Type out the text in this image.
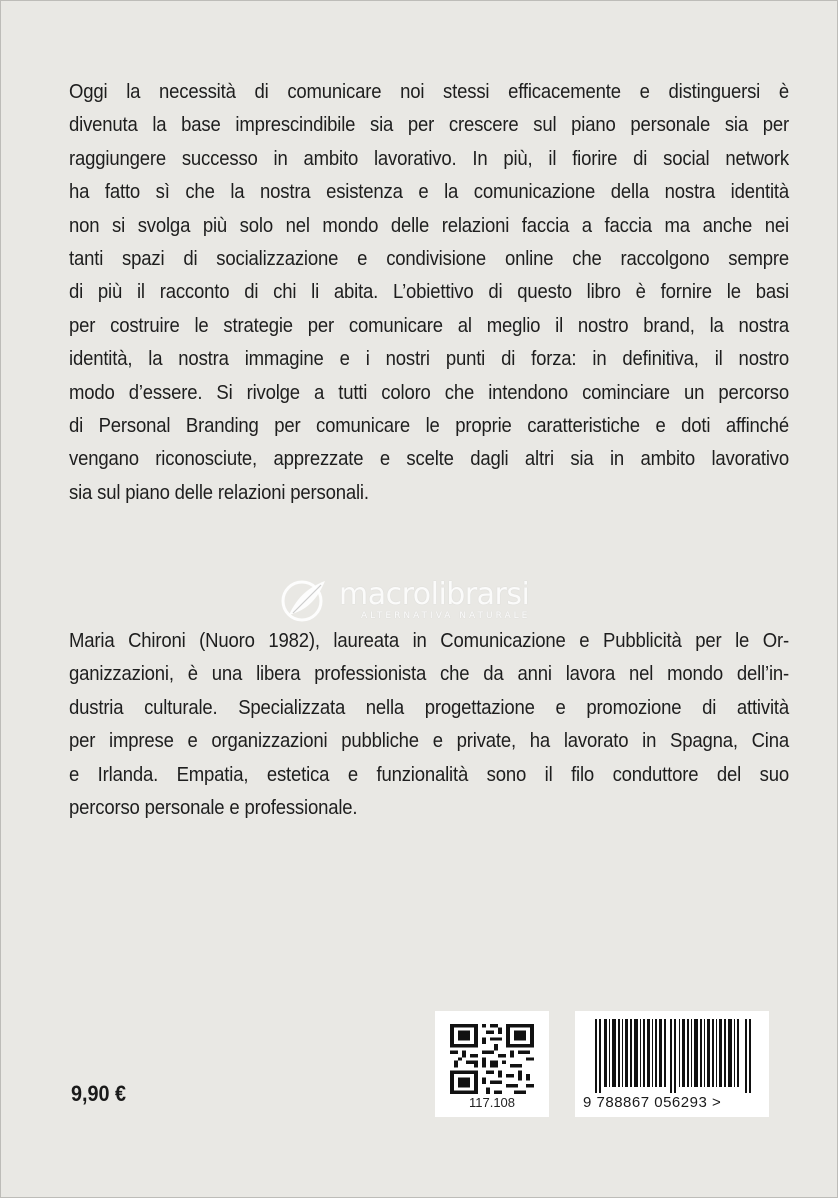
Oggi la necessità di comunicare noi stessi efficacemente e distinguersi è
divenuta la base imprescindibile sia per crescere sul piano personale sia per
raggiungere successo in ambito lavorativo. In più, il fiorire di social network
ha fatto sì che la nostra esistenza e la comunicazione della nostra identità
non si svolga più solo nel mondo delle relazioni faccia a faccia ma anche nei
tanti spazi di socializzazione e condivisione online che raccolgono sempre
di più il racconto di chi li abita. L’obiettivo di questo libro è fornire le basi
per costruire le strategie per comunicare al meglio il nostro brand, la nostra
identità, la nostra immagine e i nostri punti di forza: in definitiva, il nostro
modo d’essere. Si rivolge a tutti coloro che intendono cominciare un percorso
di Personal Branding per comunicare le proprie caratteristiche e doti affinché
vengano riconosciute, apprezzate e scelte dagli altri sia in ambito lavorativo
sia sul piano delle relazioni personali.
macrolibrarsi
ALTERNATIVA NATURALE
Maria Chironi (Nuoro 1982), laureata in Comunicazione e Pubblicità per le Or-
ganizzazioni, è una libera professionista che da anni lavora nel mondo dell’in-
dustria culturale. Specializzata nella progettazione e promozione di attività
per imprese e organizzazioni pubbliche e private, ha lavorato in Spagna, Cina
e Irlanda. Empatia, estetica e funzionalità sono il filo conduttore del suo
percorso personale e professionale.
9,90 €	117.108	9 788867 056293 >
